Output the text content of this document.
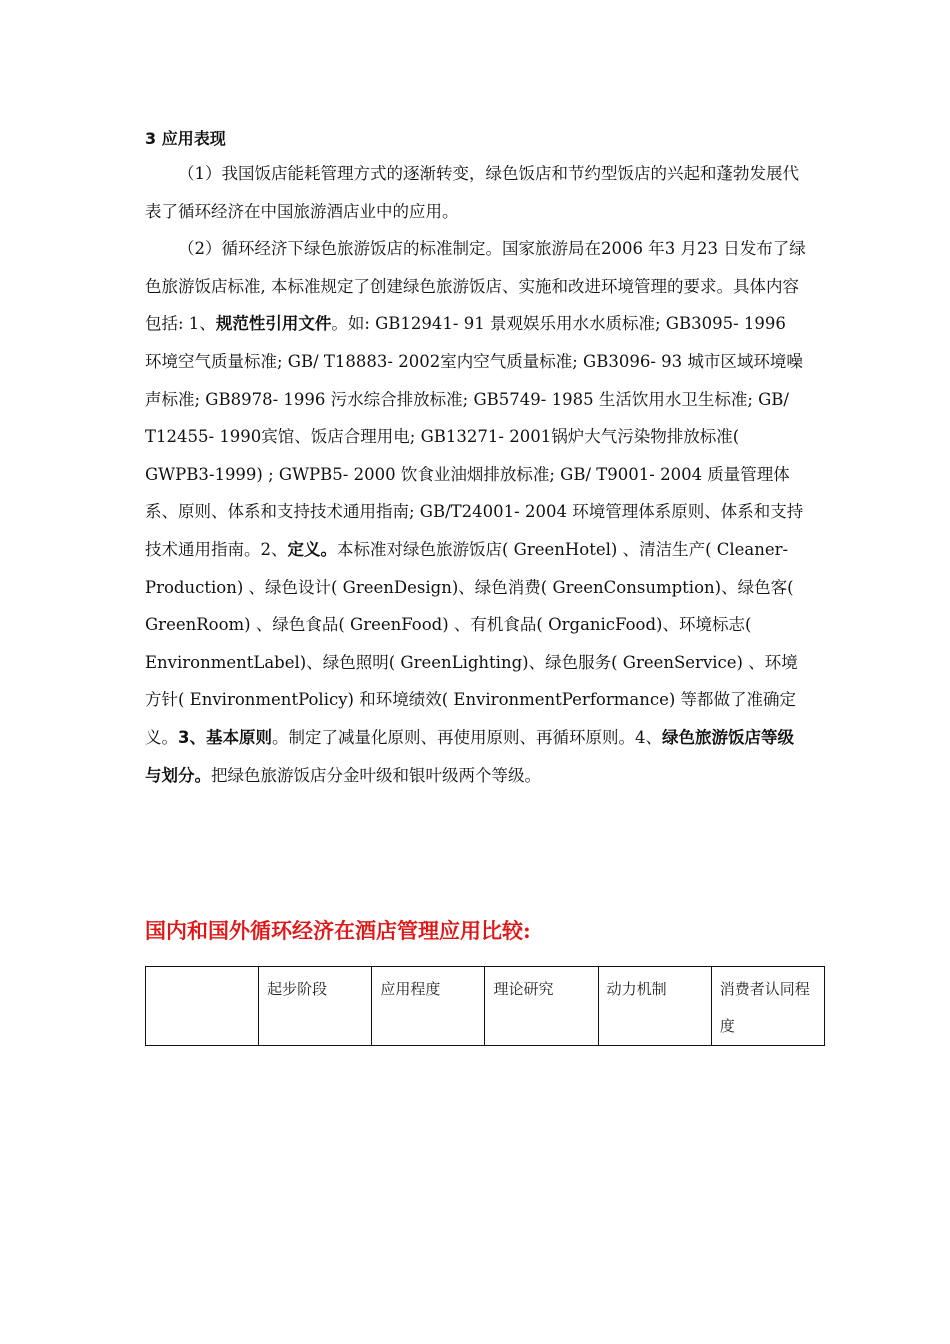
3 应用表现

（1）我国饭店能耗管理方式的逐渐转变，绿色饭店和节约型饭店的兴起和蓬勃发展代表了循环经济在中国旅游酒店业中的应用。

（2）循环经济下绿色旅游饭店的标准制定。国家旅游局在2006 年3 月23 日发布了绿色旅游饭店标准, 本标准规定了创建绿色旅游饭店、实施和改进环境管理的要求。具体内容包括: 1、规范性引用文件。如: GB12941- 91 景观娱乐用水水质标准; GB3095- 1996 环境空气质量标准; GB/ T18883- 2002室内空气质量标准; GB3096- 93 城市区域环境噪声标准; GB8978- 1996 污水综合排放标准; GB5749- 1985 生活饮用水卫生标准; GB/ T12455- 1990宾馆、饭店合理用电; GB13271- 2001锅炉大气污染物排放标准( GWPB3-1999) ; GWPB5- 2000 饮食业油烟排放标准; GB/ T9001- 2004 质量管理体系、原则、体系和支持技术通用指南; GB/T24001- 2004 环境管理体系原则、体系和支持技术通用指南。2、定义。本标准对绿色旅游饭店( GreenHotel) 、清洁生产( Cleaner-Production) 、绿色设计( GreenDesign)、绿色消费( GreenConsumption)、绿色客( GreenRoom) 、绿色食品( GreenFood) 、有机食品( OrganicFood)、环境标志( EnvironmentLabel)、绿色照明( GreenLighting)、绿色服务( GreenService) 、环境方针( EnvironmentPolicy) 和环境绩效( EnvironmentPerformance) 等都做了准确定义。3、基本原则。制定了减量化原则、再使用原则、再循环原则。4、绿色旅游饭店等级与划分。把绿色旅游饭店分金叶级和银叶级两个等级。

国内和国外循环经济在酒店管理应用比较:
	起步阶段	应用程度	理论研究	动力机制	消费者认同程度
